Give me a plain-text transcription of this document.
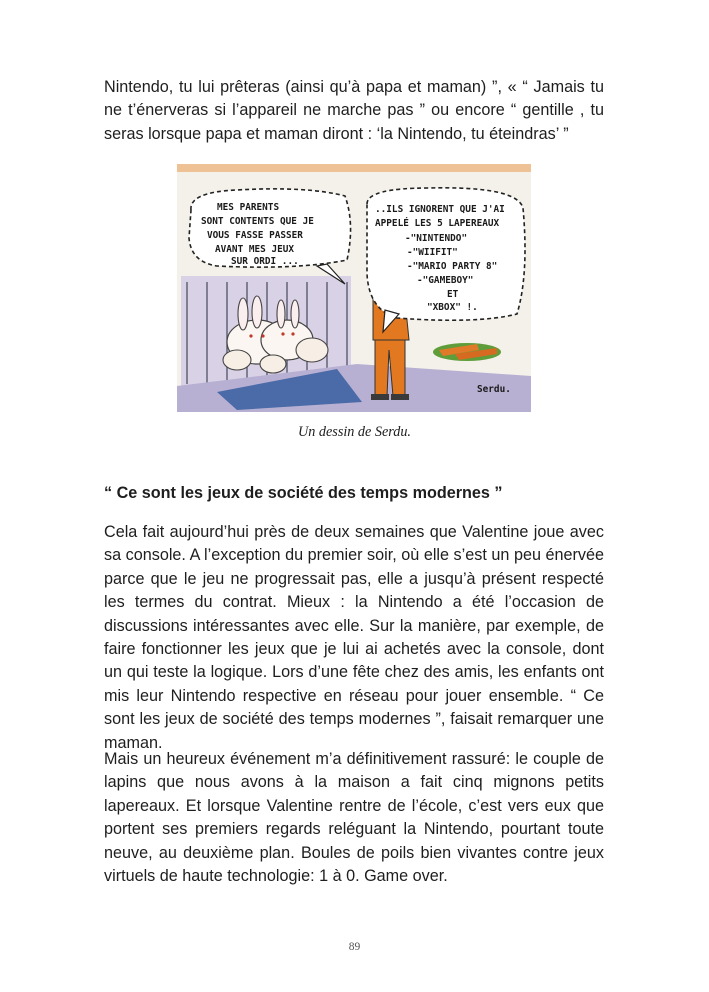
Nintendo, tu lui prêteras (ainsi qu’à papa et maman) ”, « “ Jamais tu ne t’énerveras si l’appareil ne marche pas ” ou encore “ gentille , tu seras lorsque papa et maman diront : ‘la Nintendo, tu éteindras’ ”

MES PARENTS
SONT CONTENTS QUE JE
VOUS FASSE PASSER
AVANT MES JEUX
SUR ORDI ...
..ILS IGNORENT QUE J'AI
APPELÉ LES 5 LAPEREAUX
-"NINTENDO"
-"WIIFIT"
-"MARIO PARTY 8"
-"GAMEBOY"
ET
"XBOX" !.
Serdu.
Un dessin de Serdu.
“ Ce sont les jeux de société des temps modernes ”

Cela fait aujourd’hui près de deux semaines que Valentine joue avec sa console. A l’exception du premier soir, où elle s’est un peu énervée parce que le jeu ne progressait pas, elle a jusqu’à présent respecté les termes du contrat. Mieux : la Nintendo a été l’occasion de discussions intéressantes avec elle. Sur la manière, par exemple, de faire fonctionner les jeux que je lui ai achetés avec la console, dont un qui teste la logique. Lors d’une fête chez des amis, les enfants ont mis leur Nintendo respective en réseau pour jouer ensemble. “ Ce sont les jeux de société des temps modernes ”, faisait remarquer une maman.

Mais un heureux événement m’a définitivement rassuré: le couple de lapins que nous avons à la maison a fait cinq mignons petits lapereaux. Et lorsque Valentine rentre de l’école, c’est vers eux que portent ses premiers regards reléguant la Nintendo, pourtant toute neuve, au deuxième plan. Boules de poils bien vivantes contre jeux virtuels de haute technologie: 1 à 0. Game over.

89
